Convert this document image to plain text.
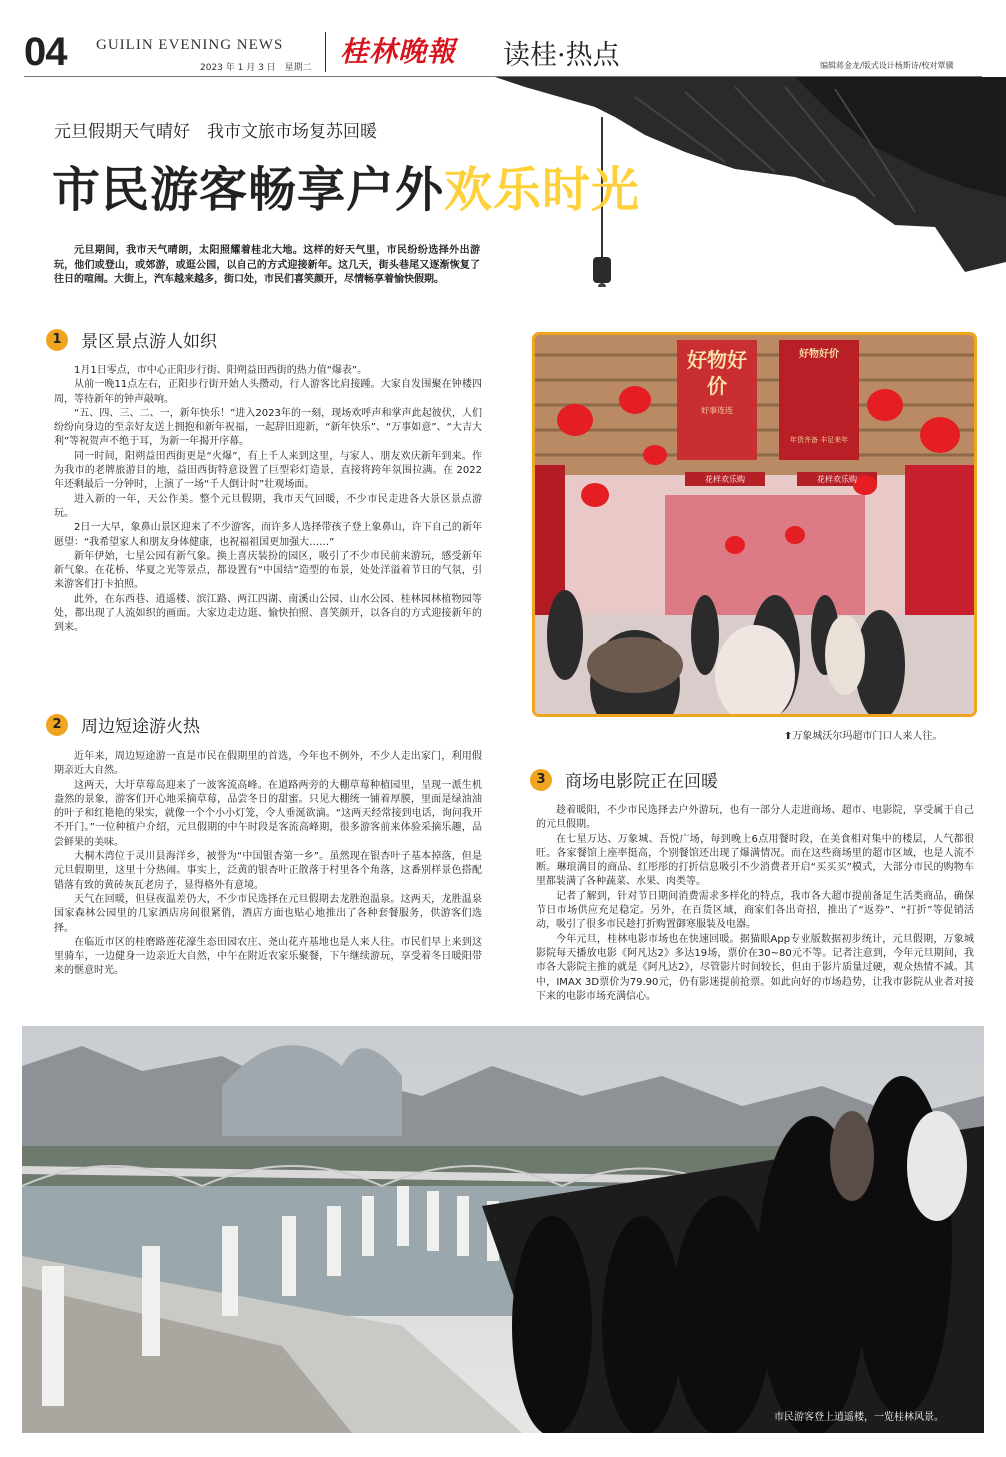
04 GUILIN EVENING NEWS
2023 年 1 月 3 日　星期二 桂林晚報 读桂·热点	编辑蒋金龙/版式设计杨斯诗/校对覃骥
元旦假期天气晴好　我市文旅市场复苏回暖
市民游客畅享户外欢乐时光

元旦期间，我市天气晴朗，太阳照耀着桂北大地。这样的好天气里，市民纷纷选择外出游玩，他们或登山，或郊游，或逛公园，以自己的方式迎接新年。这几天，街头巷尾又逐渐恢复了往日的喧闹。大街上，汽车越来越多，街口处，市民们喜笑颜开，尽情畅享着愉快假期。

1	景区景点游人如织

1月1日零点，市中心正阳步行街、阳朔益田西街的热力值“爆表”。

从前一晚11点左右，正阳步行街开始人头攒动，行人游客比肩接踵。大家自发围聚在钟楼四周，等待新年的钟声敲响。

“五、四、三、二、一，新年快乐！”进入2023年的一刻，现场欢呼声和掌声此起彼伏，人们纷纷向身边的至亲好友送上拥抱和新年祝福，一起辞旧迎新，“新年快乐”、“万事如意”、“大吉大利”等祝贺声不绝于耳，为新一年揭开序幕。

同一时间，阳朔益田西街更是“火爆”，有上千人来到这里，与家人、朋友欢庆新年到来。作为我市的老牌旅游目的地，益田西街特意设置了巨型彩灯造景，直接将跨年氛围拉满。在 2022 年还剩最后一分钟时，上演了一场“千人倒计时”壮观场面。

进入新的一年，天公作美。整个元旦假期，我市天气回暖，不少市民走进各大景区景点游玩。

2日一大早，象鼻山景区迎来了不少游客，而许多人选择带孩子登上象鼻山，许下自己的新年愿望：“我希望家人和朋友身体健康，也祝福祖国更加强大……”

新年伊始，七星公园有新气象。换上喜庆装扮的园区，吸引了不少市民前来游玩，感受新年新气象。在花桥、华夏之光等景点，都设置有“中国结”造型的布景，处处洋溢着节日的气氛，引来游客们打卡拍照。

此外，在东西巷、逍遥楼、滨江路、两江四湖、南溪山公园、山水公园、桂林园林植物园等处，都出现了人流如织的画面。大家边走边逛、愉快拍照、喜笑颜开，以各自的方式迎接新年的到来。

2	周边短途游火热

近年来，周边短途游一直是市民在假期里的首选，今年也不例外，不少人走出家门，利用假期亲近大自然。

这两天，大圩草莓岛迎来了一波客流高峰。在道路两旁的大棚草莓种植园里，呈现一派生机盎然的景象，游客们开心地采摘草莓，品尝冬日的甜蜜。只见大棚统一铺着厚膜，里面是绿油油的叶子和红艳艳的果实，就像一个个小小灯笼，令人垂涎欲滴。“这两天经常接到电话，询问我开不开门。”一位种植户介绍，元旦假期的中午时段是客流高峰期，很多游客前来体验采摘乐趣，品尝鲜果的美味。

大桐木湾位于灵川县海洋乡，被誉为“中国银杏第一乡”。虽然现在银杏叶子基本掉落，但是元旦假期里，这里十分热闹。事实上，泛黄的银杏叶正散落于村里各个角落，这番别样景色搭配错落有致的黄砖灰瓦老房子，显得格外有意境。

天气在回暖，但昼夜温差仍大，不少市民选择在元旦假期去龙胜泡温泉。这两天，龙胜温泉国家森林公园里的几家酒店房间很紧俏，酒店方面也贴心地推出了各种套餐服务，供游客们选择。

在临近市区的桂磨路莲花濠生态田园农庄、尧山花卉基地也是人来人往。市民们早上来到这里骑车，一边健身一边亲近大自然，中午在附近农家乐聚餐，下午继续游玩，享受着冬日暖阳带来的惬意时光。

好物好价
好事连连
好物好价
年货齐备 丰足来年
花样欢乐购	花样欢乐购
⬆万象城沃尔玛超市门口人来人往。
3	商场电影院正在回暖

趁着暖阳，不少市民选择去户外游玩，也有一部分人走进商场、超市、电影院，享受属于自己的元旦假期。

在七星万达、万象城、吾悦广场，每到晚上6点用餐时段，在美食相对集中的楼层，人气都很旺。各家餐馆上座率挺高，个别餐馆还出现了爆满情况。而在这些商场里的超市区域，也是人流不断。琳琅满目的商品、红彤彤的打折信息吸引不少消费者开启“买买买”模式，大部分市民的购物车里都装满了各种蔬菜、水果、肉类等。

记者了解到，针对节日期间消费需求多样化的特点，我市各大超市提前备足生活类商品，确保节日市场供应充足稳定。另外，在百货区域，商家们各出奇招，推出了“返券”、“打折”等促销活动，吸引了很多市民趁打折购置御寒服装及电器。

今年元旦，桂林电影市场也在快速回暖。据猫眼App专业版数据初步统计，元旦假期，万象城影院每天播放电影《阿凡达2》多达19场，票价在30~80元不等。记者注意到，今年元旦期间，我市各大影院主推的就是《阿凡达2》，尽管影片时间较长，但由于影片质量过硬，观众热情不减。其中，IMAX 3D票价为79.90元，仍有影迷提前抢票。如此向好的市场趋势，让我市影院从业者对接下来的电影市场充满信心。

市民游客登上逍遥楼，一览桂林风景。
